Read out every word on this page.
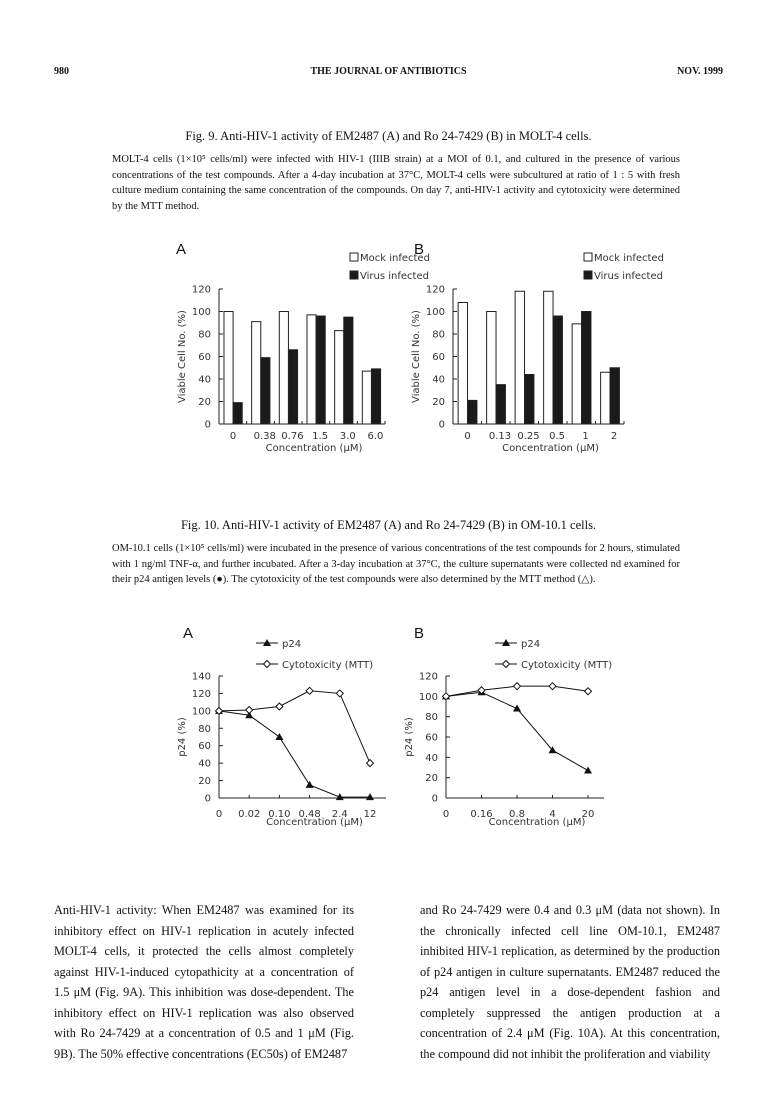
980	THE JOURNAL OF ANTIBIOTICS	NOV. 1999
Fig. 9. Anti-HIV-1 activity of EM2487 (A) and Ro 24-7429 (B) in MOLT-4 cells.
MOLT-4 cells (1×10⁵ cells/ml) were infected with HIV-1 (IIIB strain) at a MOI of 0.1, and cultured in the presence of various concentrations of the test compounds. After a 4-day incubation at 37°C, MOLT-4 cells were subcultured at ratio of 1 : 5 with fresh culture medium containing the same concentration of the compounds. On day 7, anti-HIV-1 activity and cytotoxicity were determined by the MTT method.
A	B
0
20
40
60
80
100
120
Viable Cell No. (%)
Concentration (μM)
0 0.38 0.76 1.5 3.0 6.0
Mock infected
Virus infected
0
20
40
60
80
100
120
Viable Cell No. (%)
Concentration (μM)
0 0.13 0.25 0.5 1 2
Mock infected
Virus infected
Fig. 10. Anti-HIV-1 activity of EM2487 (A) and Ro 24-7429 (B) in OM-10.1 cells.
OM-10.1 cells (1×10⁵ cells/ml) were incubated in the presence of various concentrations of the test compounds for 2 hours, stimulated with 1 ng/ml TNF-α, and further incubated. After a 3-day incubation at 37°C, the culture supernatants were collected nd examined for their p24 antigen levels (●). The cytotoxicity of the test compounds were also determined by the MTT method (△).
A	B
0
20
40
60
80
100
120
140
p24 (%)
Concentration (μM)
0 0.02 0.10 0.48 2.4 12
p24
Cytotoxicity (MTT)
0
20
40
60
80
100
120
p24 (%)
Concentration (μM)
0 0.16 0.8 4	20
p24
Cytotoxicity (MTT)

Anti-HIV-1 activity: When EM2487 was examined for its inhibitory effect on HIV-1 replication in acutely infected MOLT-4 cells, it protected the cells almost completely against HIV-1-induced cytopathicity at a concentration of 1.5 μM (Fig. 9A). This inhibition was dose-dependent. The inhibitory effect on HIV-1 replication was also observed with Ro 24-7429 at a concentration of 0.5 and 1 μM (Fig. 9B). The 50% effective concentrations (EC50s) of EM2487

and Ro 24-7429 were 0.4 and 0.3 μM (data not shown). In the chronically infected cell line OM-10.1, EM2487 inhibited HIV-1 replication, as determined by the production of p24 antigen in culture supernatants. EM2487 reduced the p24 antigen level in a dose-dependent fashion and completely suppressed the antigen production at a concentration of 2.4 μM (Fig. 10A). At this concentration, the compound did not inhibit the proliferation and viability
